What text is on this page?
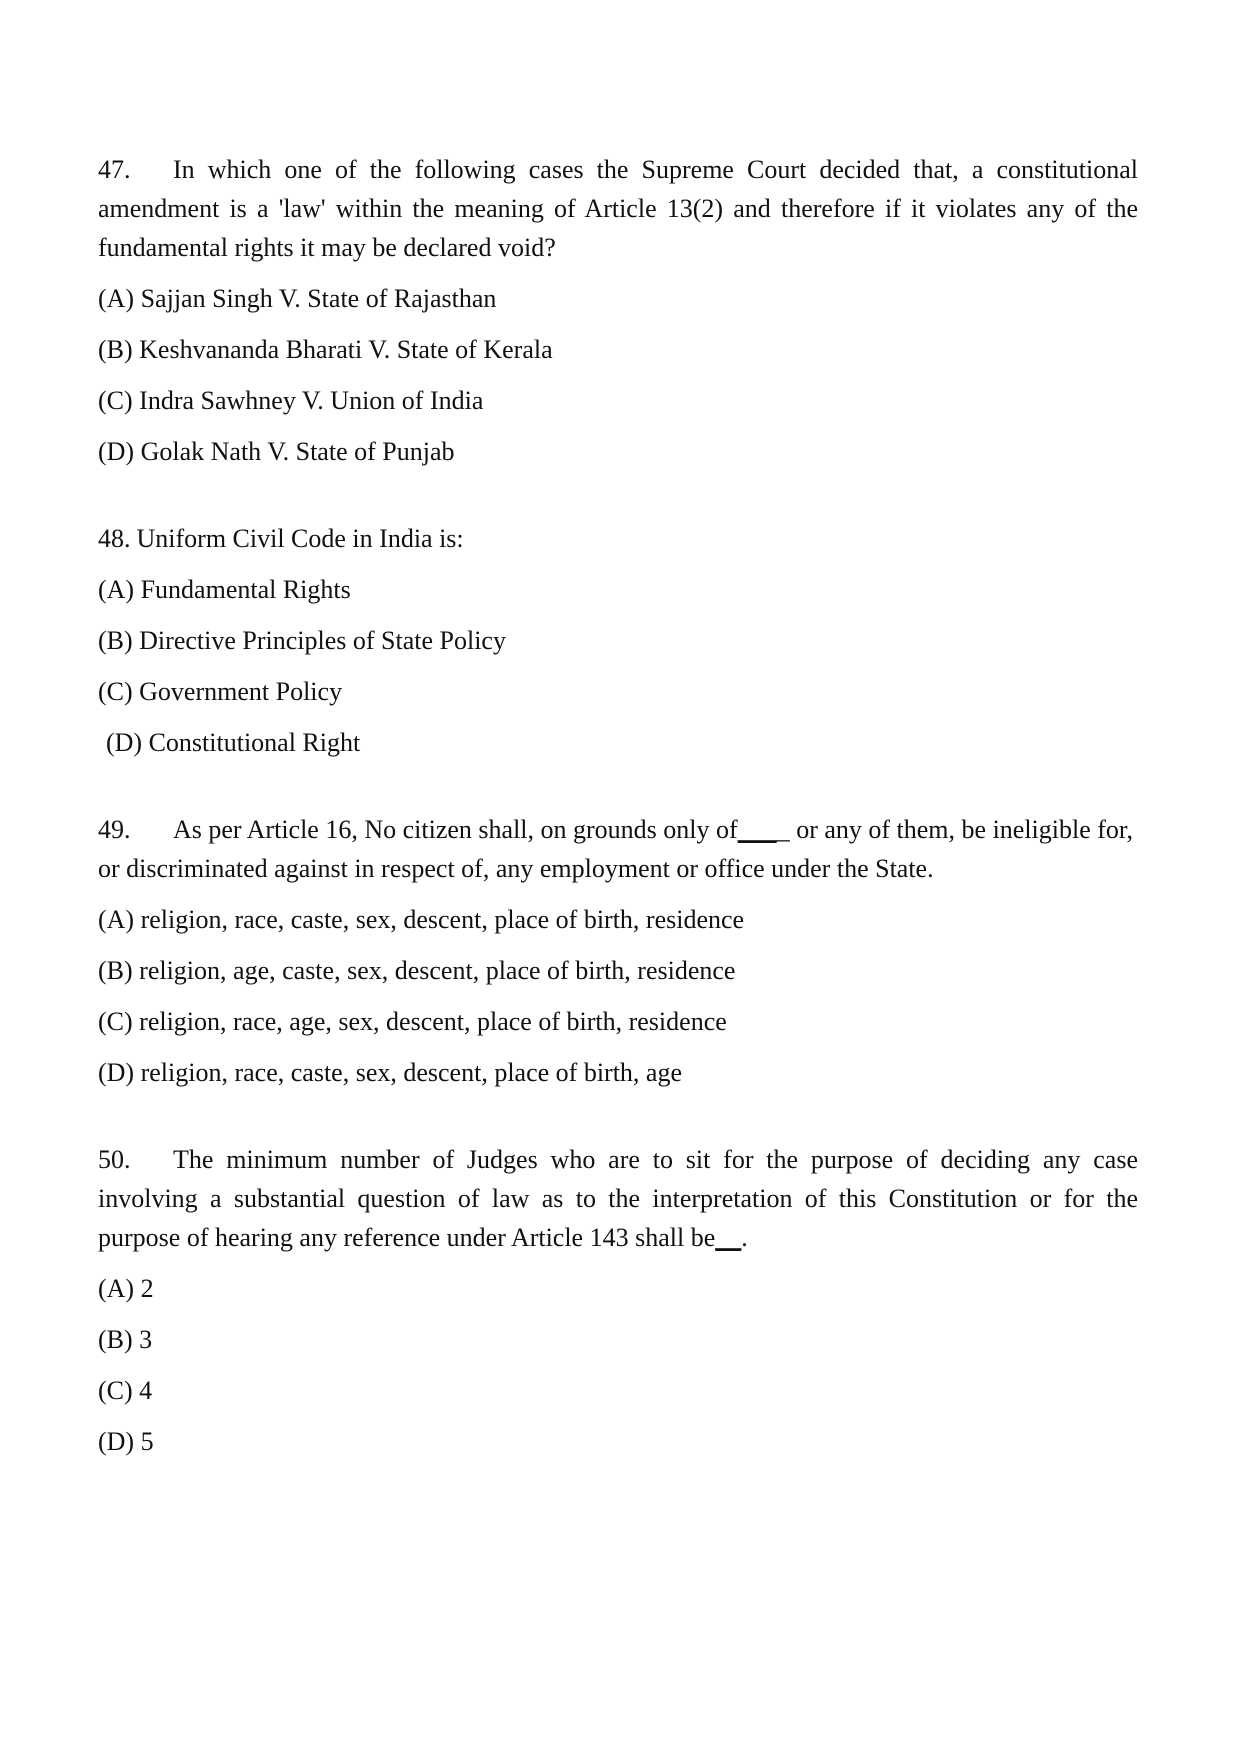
47. In which one of the following cases the Supreme Court decided that, a constitutional amendment is a 'law' within the meaning of Article 13(2) and therefore if it violates any of the fundamental rights it may be declared void?

(A) Sajjan Singh V. State of Rajasthan
(B) Keshvananda Bharati V. State of Kerala
(C) Indra Sawhney V. Union of India
(D) Golak Nath V. State of Punjab

48. Uniform Civil Code in India is:

(A) Fundamental Rights
(B) Directive Principles of State Policy
(C) Government Policy
(D) Constitutional Right

49. As per Article 16, No citizen shall, on grounds only of____ or any of them, be ineligible for, or discriminated against in respect of, any employment or office under the State.

(A) religion, race, caste, sex, descent, place of birth, residence
(B) religion, age, caste, sex, descent, place of birth, residence
(C) religion, race, age, sex, descent, place of birth, residence
(D) religion, race, caste, sex, descent, place of birth, age

50. The minimum number of Judges who are to sit for the purpose of deciding any case involving a substantial question of law as to the interpretation of this Constitution or for the purpose of hearing any reference under Article 143 shall be__.

(A) 2
(B) 3
(C) 4
(D) 5
